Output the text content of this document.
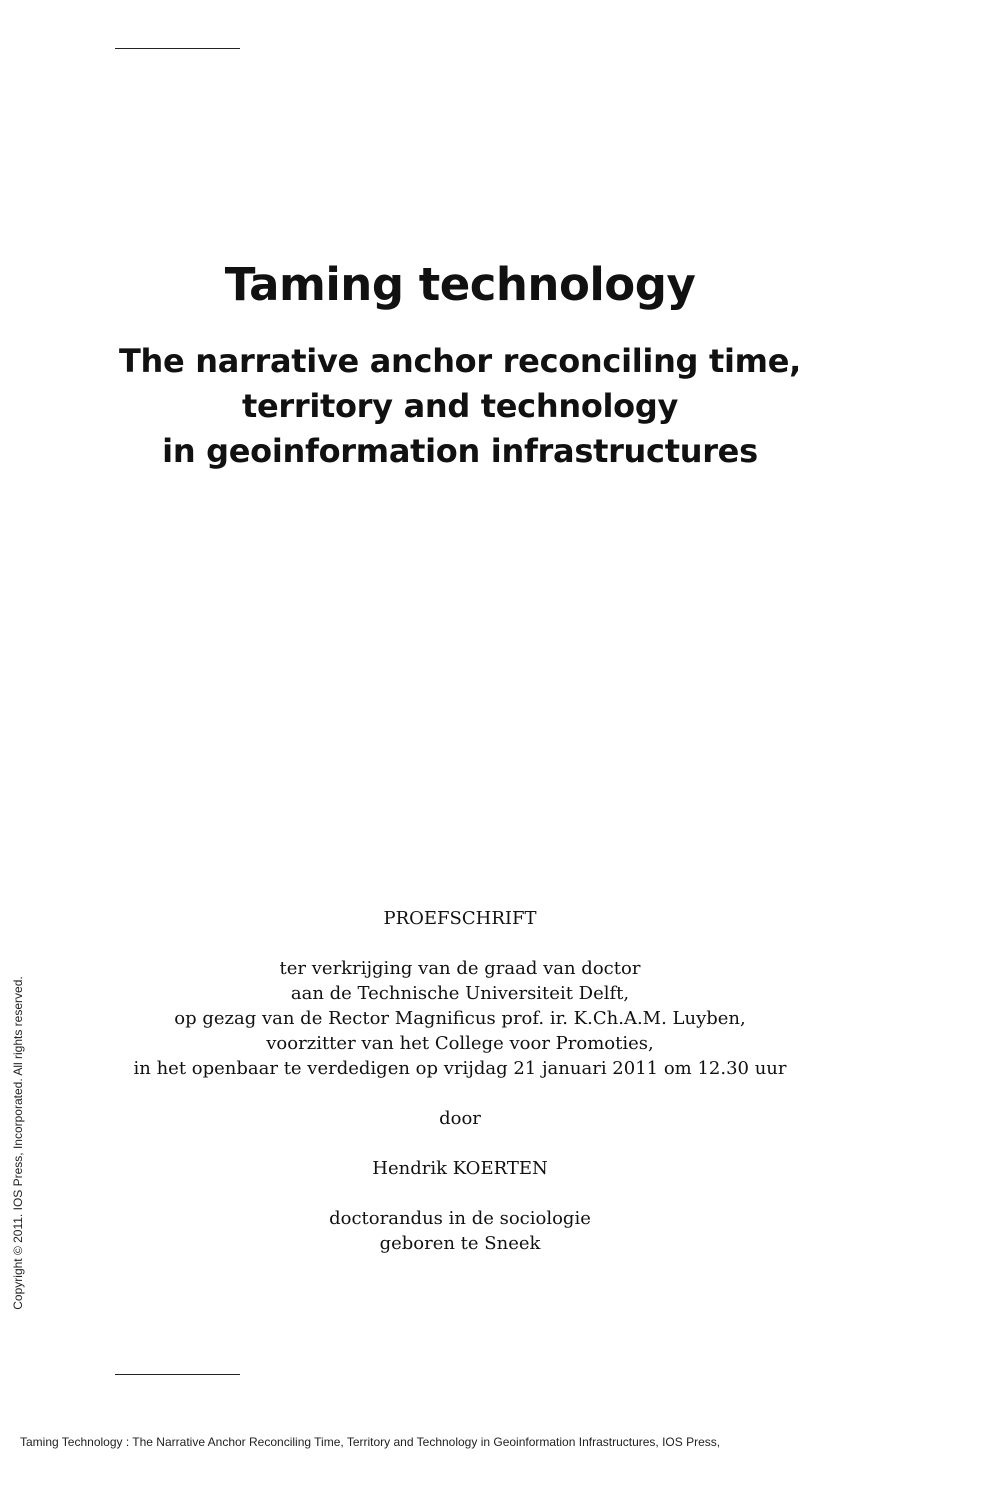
Taming technology
The narrative anchor reconciling time,
territory and technology
in geoinformation infrastructures
PROEFSCHRIFT
ter verkrijging van de graad van doctor
aan de Technische Universiteit Delft,
op gezag van de Rector Magnificus prof. ir. K.Ch.A.M. Luyben,
voorzitter van het College voor Promoties,
in het openbaar te verdedigen op vrijdag 21 januari 2011 om 12.30 uur
door
Hendrik KOERTEN
doctorandus in de sociologie
geboren te Sneek
Copyright © 2011. IOS Press, Incorporated. All rights reserved.
Taming Technology : The Narrative Anchor Reconciling Time, Territory and Technology in Geoinformation Infrastructures, IOS Press,
